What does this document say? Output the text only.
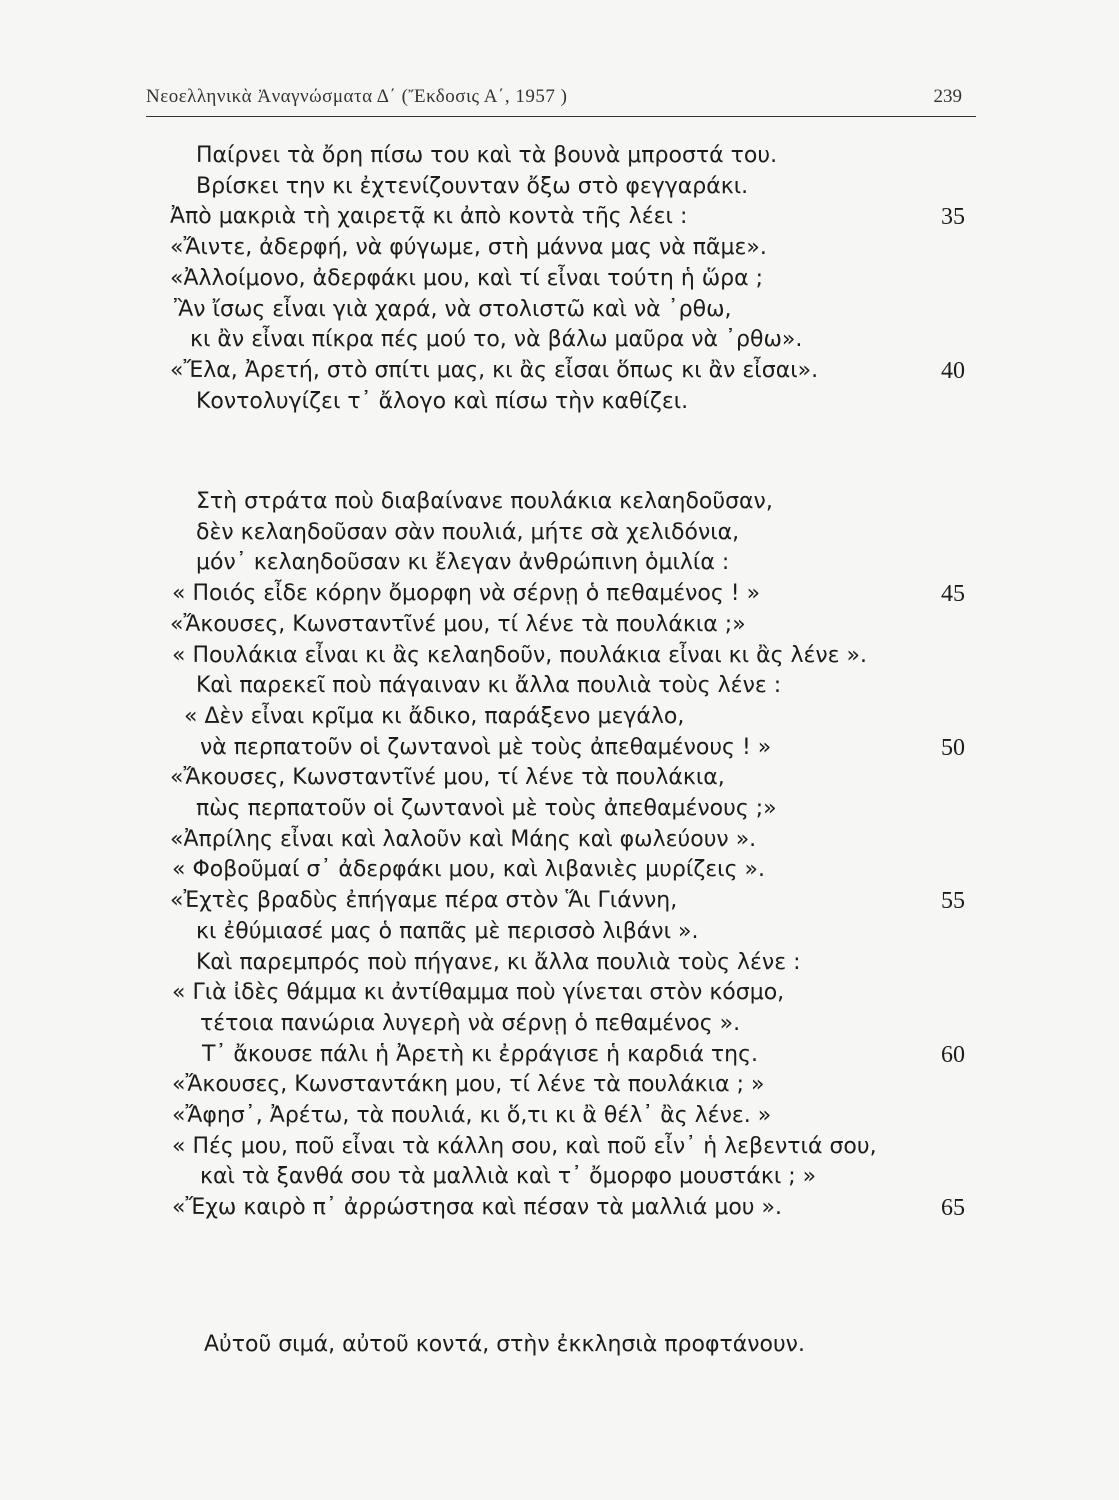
Νεοελληνικὰ Ἀναγνώσματα Δ΄ (Ἔκδοσις Α΄, 1957 )	239
Παίρνει τὰ ὄρη πίσω του καὶ τὰ βουνὰ μπροστά του.
Βρίσκει την κι ἐχτενίζουνταν ὄξω στὸ φεγγαράκι.
Ἀπὸ μακριὰ τὴ χαιρετᾷ κι ἀπὸ κοντὰ τῆς λέει :
«Ἄιντε, ἀδερφή, νὰ φύγωμε, στὴ μάννα μας νὰ πᾶμε».
«Ἀλλοίμονο, ἀδερφάκι μου, καὶ τί εἶναι τούτη ἡ ὥρα ;
Ἂν ἴσως εἶναι γιὰ χαρά, νὰ στολιστῶ καὶ νὰ ᾿ρθω,
κι ἂν εἶναι πίκρα πές μού το, νὰ βάλω μαῦρα νὰ ᾿ρθω».
«Ἔλα, Ἀρετή, στὸ σπίτι μας, κι ἂς εἶσαι ὅπως κι ἂν εἶσαι».
Κοντολυγίζει τ᾿ ἄλογο καὶ πίσω τὴν καθίζει.
35
40
Στὴ στράτα ποὺ διαβαίνανε πουλάκια κελαηδοῦσαν,
δὲν κελαηδοῦσαν σὰν πουλιά, μήτε σὰ χελιδόνια,
μόν᾿ κελαηδοῦσαν κι ἔλεγαν ἀνθρώπινη ὁμιλία :
« Ποιός εἶδε κόρην ὄμορφη νὰ σέρνῃ ὁ πεθαμένος ! »
«Ἄκουσες, Κωνσταντῖνέ μου, τί λένε τὰ πουλάκια ;»
« Πουλάκια εἶναι κι ἂς κελαηδοῦν, πουλάκια εἶναι κι ἂς λένε ».
Καὶ παρεκεῖ ποὺ πάγαιναν κι ἄλλα πουλιὰ τοὺς λένε :
« Δὲν εἶναι κρῖμα κι ἄδικο, παράξενο μεγάλο,
νὰ περπατοῦν οἱ ζωντανοὶ μὲ τοὺς ἀπεθαμένους ! »
«Ἄκουσες, Κωνσταντῖνέ μου, τί λένε τὰ πουλάκια,
πὼς περπατοῦν οἱ ζωντανοὶ μὲ τοὺς ἀπεθαμένους ;»
«Ἀπρίλης εἶναι καὶ λαλοῦν καὶ Μάης καὶ φωλεύουν ».
« Φοβοῦμαί σ᾿ ἀδερφάκι μου, καὶ λιβανιὲς μυρίζεις ».
«Ἐχτὲς βραδὺς ἐπήγαμε πέρα στὸν Ἅι Γιάννη,
κι ἐθύμιασέ μας ὁ παπᾶς μὲ περισσὸ λιβάνι ».
Καὶ παρεμπρός ποὺ πήγανε, κι ἄλλα πουλιὰ τοὺς λένε :
« Γιὰ ἰδὲς θάμμα κι ἀντίθαμμα ποὺ γίνεται στὸν κόσμο,
τέτοια πανώρια λυγερὴ νὰ σέρνῃ ὁ πεθαμένος ».
Τ᾿ ἄκουσε πάλι ἡ Ἀρετὴ κι ἐρράγισε ἡ καρδιά της.
«Ἄκουσες, Κωνσταντάκη μου, τί λένε τὰ πουλάκια ; »
«Ἄφησ᾿, Ἀρέτω, τὰ πουλιά, κι ὅ,τι κι ἂ θέλ᾿ ἂς λένε. »
« Πές μου, ποῦ εἶναι τὰ κάλλη σου, καὶ ποῦ εἶν᾿ ἡ λεβεντιά σου,
καὶ τὰ ξανθά σου τὰ μαλλιὰ καὶ τ᾿ ὄμορφο μουστάκι ; »
«Ἔχω καιρὸ π᾿ ἀρρώστησα καὶ πέσαν τὰ μαλλιά μου ».
45
50
55
60
65
Αὐτοῦ σιμά, αὐτοῦ κοντά, στὴν ἐκκλησιὰ προφτάνουν.
